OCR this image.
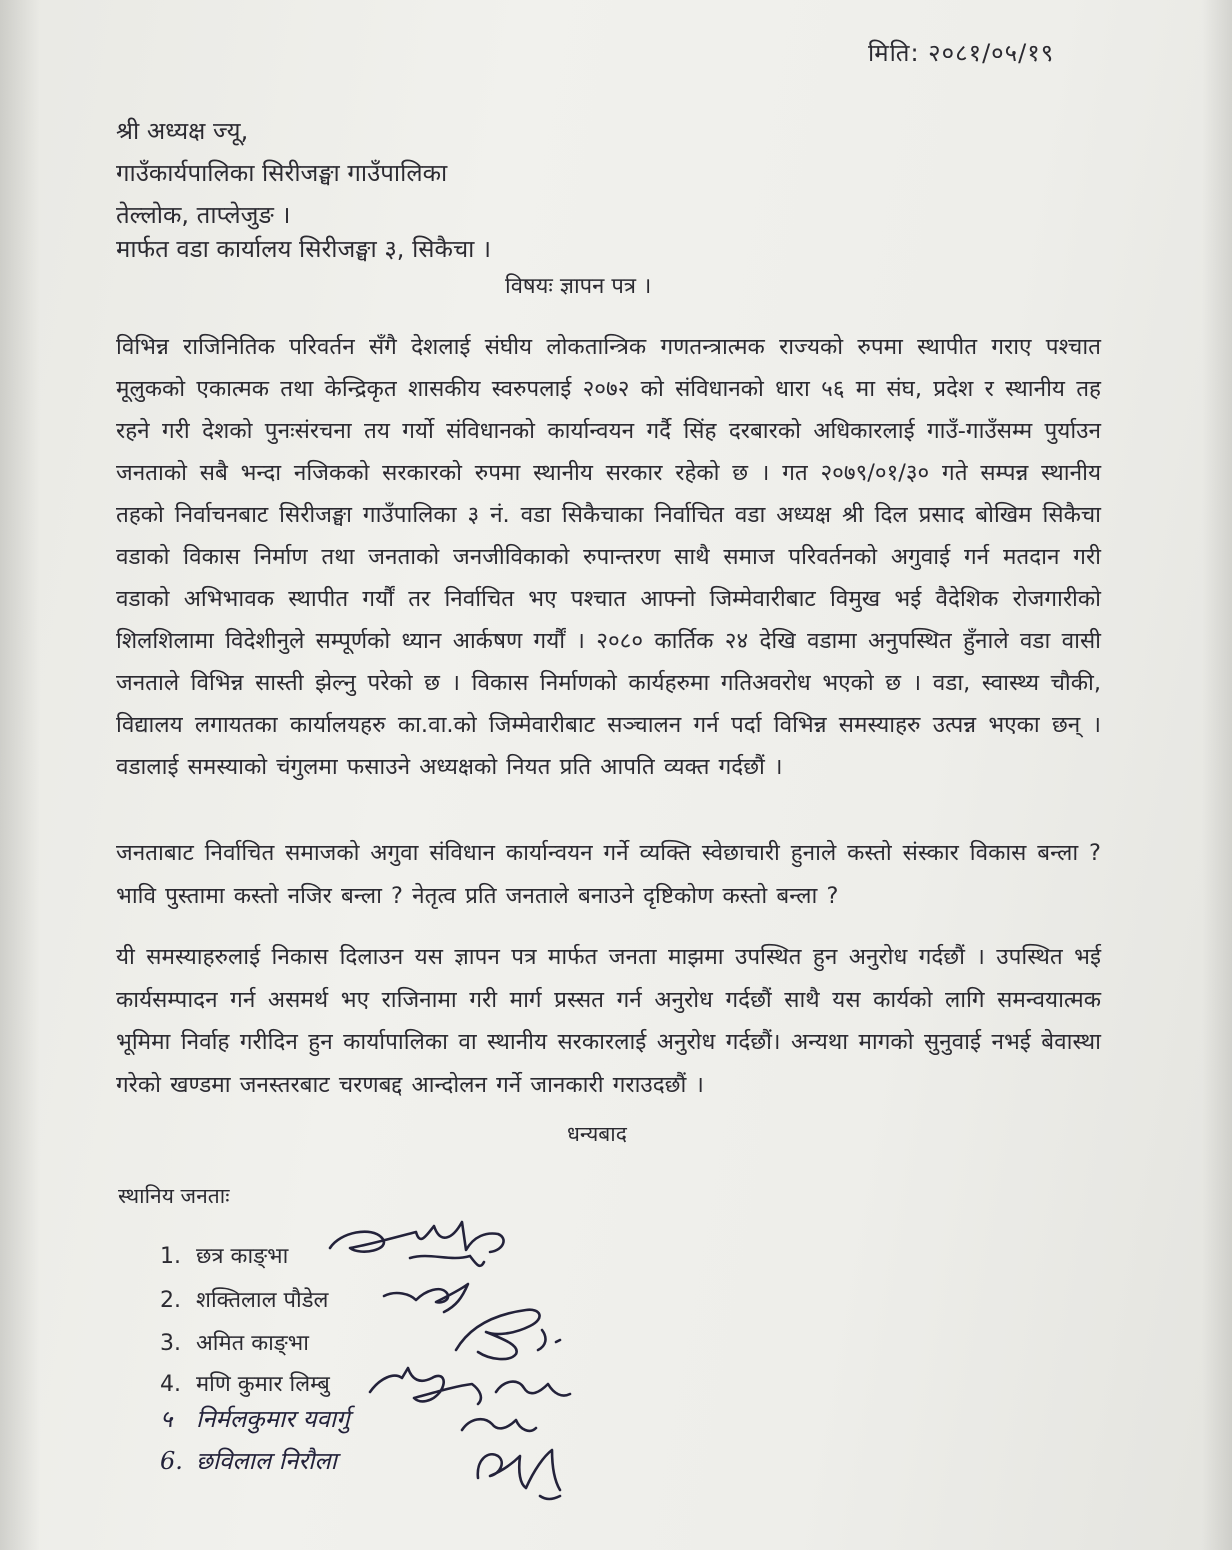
मिति: २०८१/०५/१९
श्री अध्यक्ष ज्यू,
गाउँकार्यपालिका सिरीजङ्घा गाउँपालिका
तेल्लोक, ताप्लेजुङ ।
मार्फत वडा कार्यालय सिरीजङ्घा ३, सिकैचा ।
विषयः ज्ञापन पत्र ।
विभिन्न राजिनितिक परिवर्तन सँगै देशलाई संघीय लोकतान्त्रिक गणतन्त्रात्मक राज्यको रुपमा स्थापीत गराए पश्चात मूलुकको एकात्मक तथा केन्द्रिकृत शासकीय स्वरुपलाई २०७२ को संविधानको धारा ५६ मा संघ, प्रदेश र स्थानीय तह रहने गरी देशको पुनःसंरचना तय गर्यो संविधानको कार्यान्वयन गर्दै सिंह दरबारको अधिकारलाई गाउँ-गाउँसम्म पुर्याउन जनताको सबै भन्दा नजिकको सरकारको रुपमा स्थानीय सरकार रहेको छ । गत २०७९/०१/३० गते सम्पन्न स्थानीय तहको निर्वाचनबाट सिरीजङ्घा गाउँपालिका ३ नं. वडा सिकैचाका निर्वाचित वडा अध्यक्ष श्री दिल प्रसाद बोखिम सिकैचा वडाको विकास निर्माण तथा जनताको जनजीविकाको रुपान्तरण साथै समाज परिवर्तनको अगुवाई गर्न मतदान गरी वडाको अभिभावक स्थापीत गर्यौं तर निर्वाचित भए पश्चात आफ्नो जिम्मेवारीबाट विमुख भई वैदेशिक रोजगारीको शिलशिलामा विदेशीनुले सम्पूर्णको ध्यान आर्कषण गर्यौं । २०८० कार्तिक २४ देखि वडामा अनुपस्थित हुँनाले वडा वासी जनताले विभिन्न सास्ती झेल्नु परेको छ । विकास निर्माणको कार्यहरुमा गतिअवरोध भएको छ । वडा, स्वास्थ्य चौकी, विद्यालय लगायतका कार्यालयहरु का.वा.को जिम्मेवारीबाट सञ्चालन गर्न पर्दा विभिन्न समस्याहरु उत्पन्न भएका छन् । वडालाई समस्याको चंगुलमा फसाउने अध्यक्षको नियत प्रति आपति व्यक्त गर्दछौं ।
जनताबाट निर्वाचित समाजको अगुवा संविधान कार्यान्वयन गर्ने व्यक्ति स्वेछाचारी हुनाले कस्तो संस्कार विकास बन्ला ? भावि पुस्तामा कस्तो नजिर बन्ला ? नेतृत्व प्रति जनताले बनाउने दृष्टिकोण कस्तो बन्ला ?
यी समस्याहरुलाई निकास दिलाउन यस ज्ञापन पत्र मार्फत जनता माझमा उपस्थित हुन अनुरोध गर्दछौं । उपस्थित भई कार्यसम्पादन गर्न असमर्थ भए राजिनामा गरी मार्ग प्रस्सत गर्न अनुरोध गर्दछौं साथै यस कार्यको लागि समन्वयात्मक भूमिमा निर्वाह गरीदिन हुन कार्यापालिका वा स्थानीय सरकारलाई अनुरोध गर्दछौं। अन्यथा मागको सुनुवाई नभई बेवास्था गरेको खण्डमा जनस्तरबाट चरणबद्द आन्दोलन गर्ने जानकारी गराउदछौं ।
धन्यबाद
स्थानिय जनताः
1. छत्र काङ्भा
2. शक्तिलाल पौडेल
3. अमित काङ्भा
4. मणि कुमार लिम्बु
५ निर्मलकुमार यवार्गु
6. छविलाल निरौला
